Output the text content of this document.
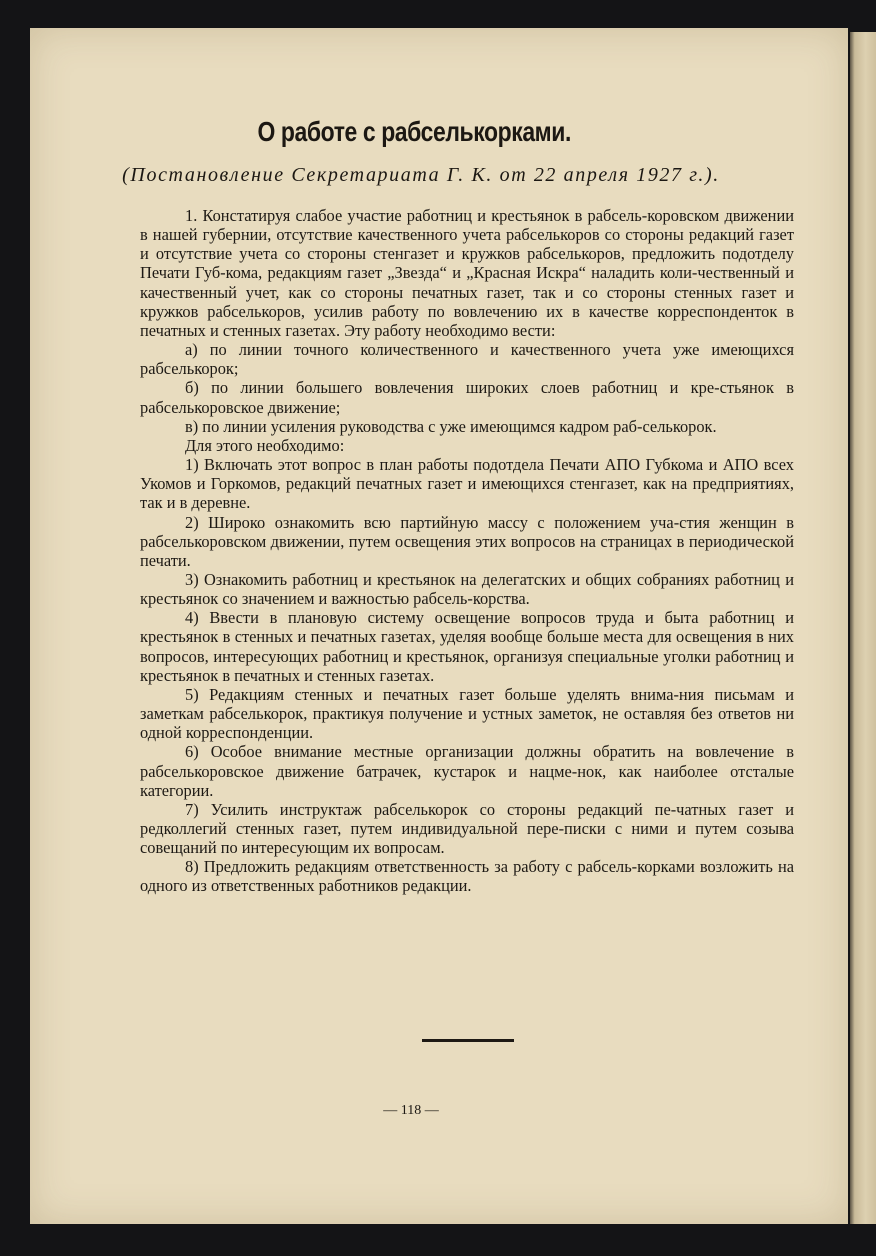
О работе с рабселькорками.
(Постановление Секретариата Г. К. от 22 апреля 1927 г.).

1. Констатируя слабое участие работниц и крестьянок в рабсель-коровском движении в нашей губернии, отсутствие качественного учета рабселькоров со стороны редакций газет и отсутствие учета со стороны стенгазет и кружков рабселькоров, предложить подотделу Печати Губ-кома, редакциям газет „Звезда“ и „Красная Искра“ наладить коли-чественный и качественный учет, как со стороны печатных газет, так и со стороны стенных газет и кружков рабселькоров, усилив работу по вовлечению их в качестве корреспонденток в печатных и стенных газетах. Эту работу необходимо вести:

а) по линии точного количественного и качественного учета уже имеющихся рабселькорок;

б) по линии большего вовлечения широких слоев работниц и кре-стьянок в рабселькоровское движение;

в) по линии усиления руководства с уже имеющимся кадром раб-селькорок.

Для этого необходимо:

1) Включать этот вопрос в план работы подотдела Печати АПО Губкома и АПО всех Укомов и Горкомов, редакций печатных газет и имеющихся стенгазет, как на предприятиях, так и в деревне.

2) Широко ознакомить всю партийную массу с положением уча-стия женщин в рабселькоровском движении, путем освещения этих вопросов на страницах в периодической печати.

3) Ознакомить работниц и крестьянок на делегатских и общих собраниях работниц и крестьянок со значением и важностью рабсель-корства.

4) Ввести в плановую систему освещение вопросов труда и быта работниц и крестьянок в стенных и печатных газетах, уделяя вообще больше места для освещения в них вопросов, интересующих работниц и крестьянок, организуя специальные уголки работниц и крестьянок в печатных и стенных газетах.

5) Редакциям стенных и печатных газет больше уделять внима-ния письмам и заметкам рабселькорок, практикуя получение и устных заметок, не оставляя без ответов ни одной корреспонденции.

6) Особое внимание местные организации должны обратить на вовлечение в рабселькоровское движение батрачек, кустарок и нацме-нок, как наиболее отсталые категории.

7) Усилить инструктаж рабселькорок со стороны редакций пе-чатных газет и редколлегий стенных газет, путем индивидуальной пере-писки с ними и путем созыва совещаний по интересующим их вопросам.

8) Предложить редакциям ответственность за работу с рабсель-корками возложить на одного из ответственных работников редакции.

— 118 —
